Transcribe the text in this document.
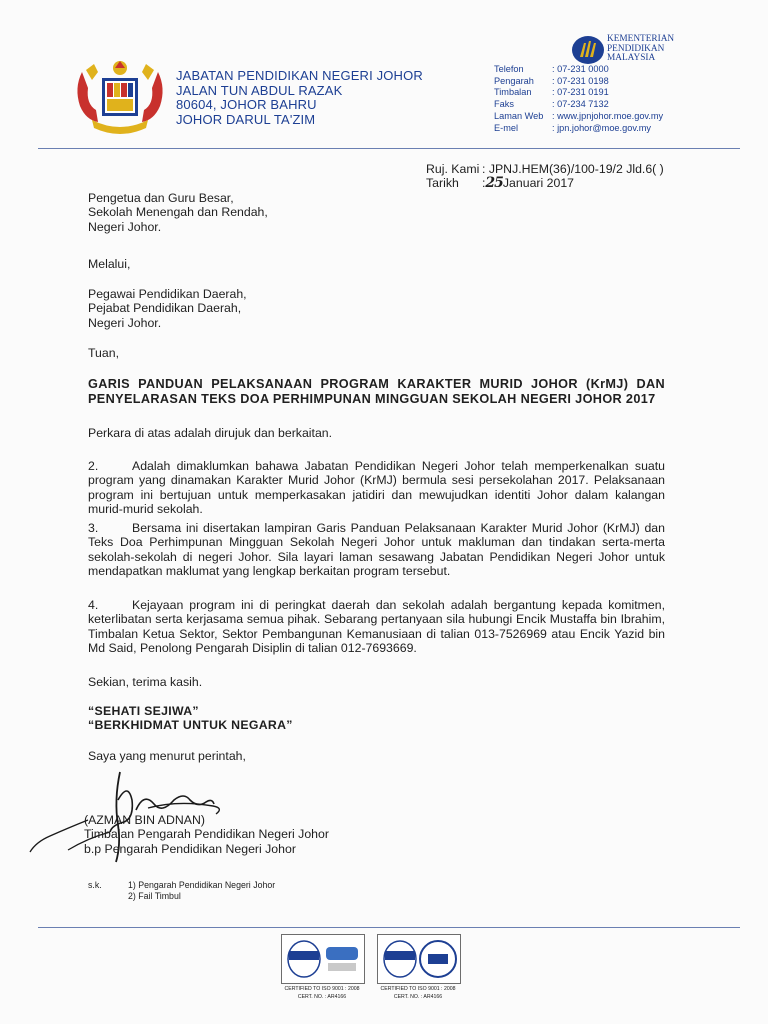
JABATAN PENDIDIKAN NEGERI JOHOR
JALAN TUN ABDUL RAZAK
80604, JOHOR BAHRU
JOHOR DARUL TA'ZIM
KEMENTERIAN
PENDIDIKAN
MALAYSIA
Telefon	: 07-231 0000
Pengarah : 07-231 0198
Timbalan : 07-231 0191
Faks	: 07-234 7132
Laman Web : www.jpnjohor.moe.gov.my
E-mel	: jpn.johor@moe.gov.my
Ruj. Kami : JPNJ.HEM(36)/100-19/2 Jld.6( )
Tarikh :25Januari 2017
Pengetua dan Guru Besar,
Sekolah Menengah dan Rendah,
Negeri Johor.
Melalui,
Pegawai Pendidikan Daerah,
Pejabat Pendidikan Daerah,
Negeri Johor.
Tuan,
GARIS PANDUAN PELAKSANAAN PROGRAM KARAKTER MURID JOHOR (KrMJ) DAN PENYELARASAN TEKS DOA PERHIMPUNAN MINGGUAN SEKOLAH NEGERI JOHOR 2017
Perkara di atas adalah dirujuk dan berkaitan.
2.	Adalah dimaklumkan bahawa Jabatan Pendidikan Negeri Johor telah memperkenalkan suatu program yang dinamakan Karakter Murid Johor (KrMJ) bermula sesi persekolahan 2017. Pelaksanaan program ini bertujuan untuk memperkasakan jatidiri dan mewujudkan identiti Johor dalam kalangan murid-murid sekolah.
3.	Bersama ini disertakan lampiran Garis Panduan Pelaksanaan Karakter Murid Johor (KrMJ) dan Teks Doa Perhimpunan Mingguan Sekolah Negeri Johor untuk makluman dan tindakan serta-merta sekolah-sekolah di negeri Johor. Sila layari laman sesawang Jabatan Pendidikan Negeri Johor untuk mendapatkan maklumat yang lengkap berkaitan program tersebut.
4.	Kejayaan program ini di peringkat daerah dan sekolah adalah bergantung kepada komitmen, keterlibatan serta kerjasama semua pihak. Sebarang pertanyaan sila hubungi Encik Mustaffa bin Ibrahim, Timbalan Ketua Sektor, Sektor Pembangunan Kemanusiaan di talian 013-7526969 atau Encik Yazid bin Md Said, Penolong Pengarah Disiplin di talian 012-7693669.
Sekian, terima kasih.
“SEHATI SEJIWA”
“BERKHIDMAT UNTUK NEGARA”
Saya yang menurut perintah,
(AZMAN BIN ADNAN)
Timbalan Pengarah Pendidikan Negeri Johor
b.p Pengarah Pendidikan Negeri Johor
s.k.	1) Pengarah Pendidikan Negeri Johor
2) Fail Timbul
CERTIFIED TO ISO 9001 : 2008
CERT. NO. : AR4166
CERTIFIED TO ISO 9001 : 2008
CERT. NO. : AR4166
